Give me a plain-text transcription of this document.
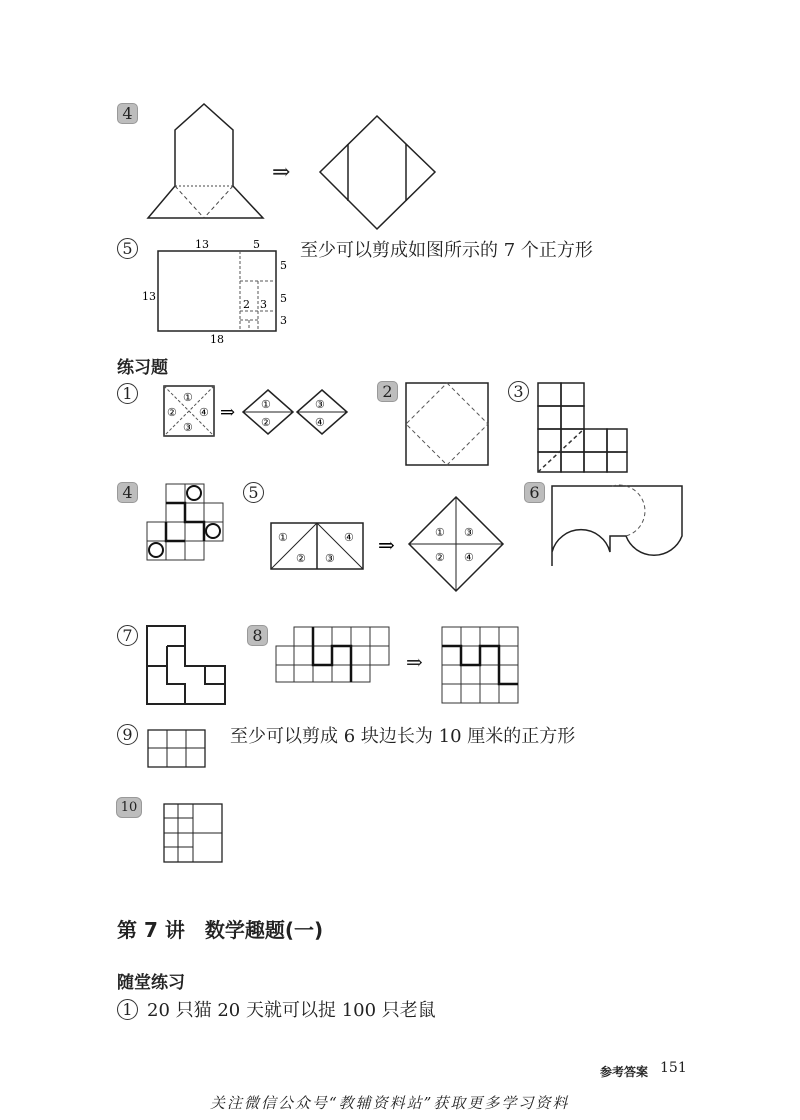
4
⇒
5	至少可以剪成如图所示的 7 个正方形
13	5
5
5
3
2 3
13
18
练习题
1	①
② ④
③
⇒ ①
②
③
④
2	3
4	5
①
② ③
④ ⇒
① ③
② ④
6
7	8
⇒
9	至少可以剪成 6 块边长为 10 厘米的正方形
10
第 7 讲　数学趣题(一)
随堂练习
1 20 只猫 20 天就可以捉 100 只老鼠
参考答案 151
关注微信公众号“教辅资料站”获取更多学习资料
